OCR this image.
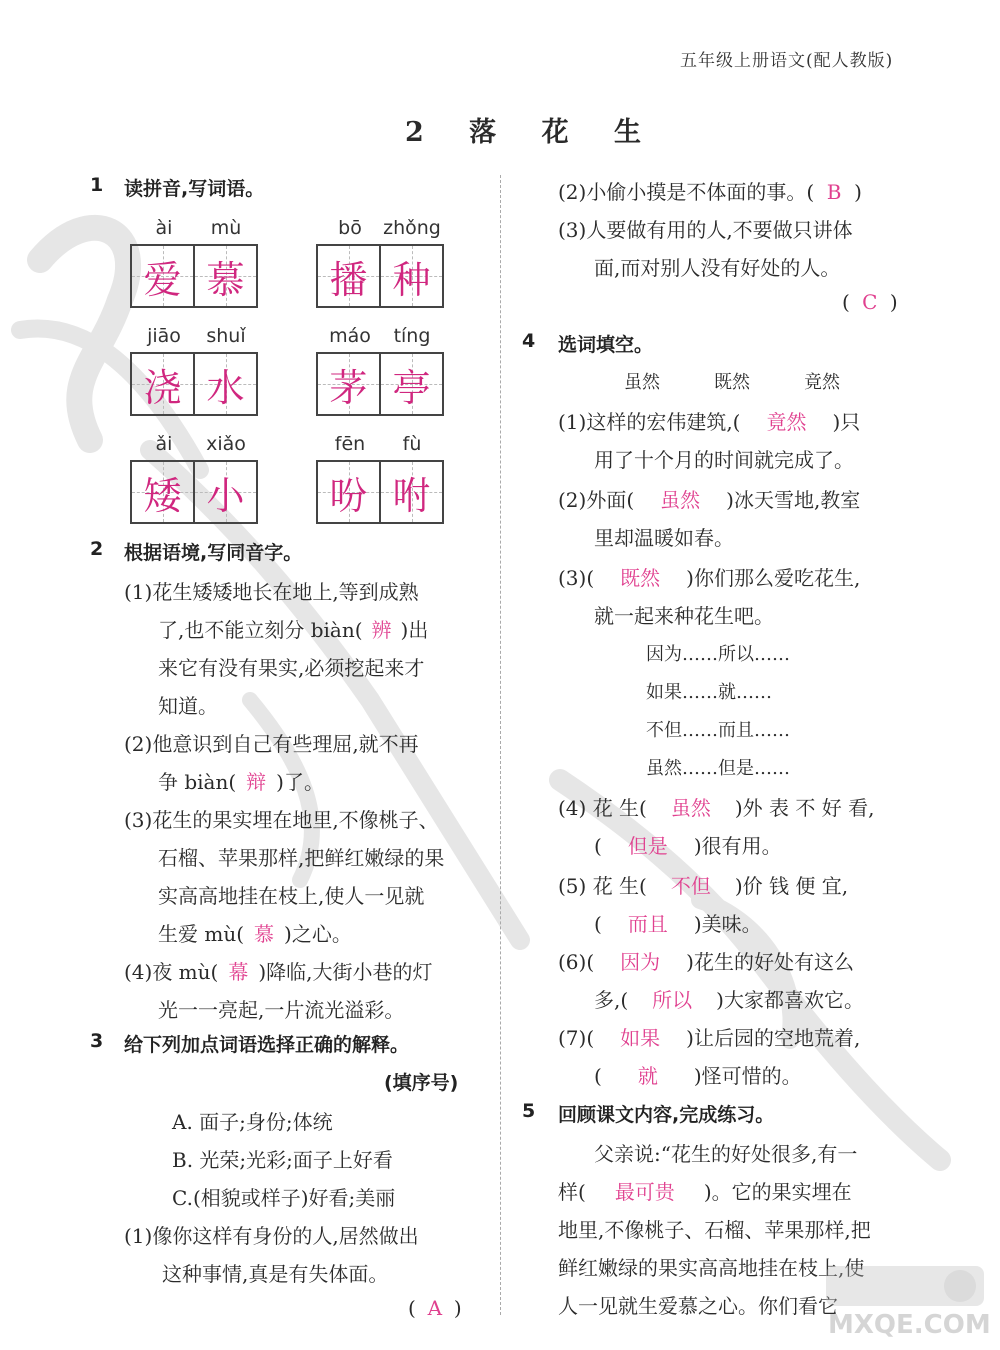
五年级上册语文(配人教版)
2 落 花 生
1 读拼音,写词语。
ài	mù
爱 慕
bō	zhǒng
播 种
jiāo	shuǐ
浇 水
máo	tíng
茅 亭
ǎi	xiǎo
矮 小
fēn	fù
吩 咐
2 根据语境,写同音字。
(1)花生矮矮地长在地上,等到成熟
了,也不能立刻分 biàn( 辨 )出
来它有没有果实,必须挖起来才
知道。
(2)他意识到自己有些理屈,就不再
争 biàn( 辩 )了。
(3)花生的果实埋在地里,不像桃子、
石榴、苹果那样,把鲜红嫩绿的果
实高高地挂在枝上,使人一见就
生爱 mù( 慕 )之心。
(4)夜 mù( 幕 )降临,大街小巷的灯
光一一亮起,一片流光溢彩。
3 给下列加点词语选择正确的解释。
(填序号)
A. 面子;身份;体统
B. 光荣;光彩;面子上好看
C.(相貌或样子)好看;美丽
(1)像你这样有身份的人,居然做出
这种事情,真是有失体面。
( A )
(2)小偷小摸是不体面的事。( B )
(3)人要做有用的人,不要做只讲体
面,而对别人没有好处的人。
( C )
4 选词填空。
虽然	既然	竟然
(1)这样的宏伟建筑,( 竟然 )只
用了十个月的时间就完成了。
(2)外面( 虽然 )冰天雪地,教室
里却温暖如春。
(3)( 既然 )你们那么爱吃花生,
就一起来种花生吧。
因为……所以……
如果……就……
不但……而且……
虽然……但是……
(4) 花 生( 虽然 )外 表 不 好 看,
( 但是 )很有用。
(5) 花 生( 不但 )价 钱 便 宜,
( 而且 )美味。
(6)( 因为 )花生的好处有这么
多,( 所以 )大家都喜欢它。
(7)( 如果 )让后园的空地荒着,
( 就 )怪可惜的。
5 回顾课文内容,完成练习。
父亲说:“花生的好处很多,有一
样( 最可贵 )。它的果实埋在
地里,不像桃子、石榴、苹果那样,把
鲜红嫩绿的果实高高地挂在枝上,使
人一见就生爱慕之心。你们看它
MXQE.COM
